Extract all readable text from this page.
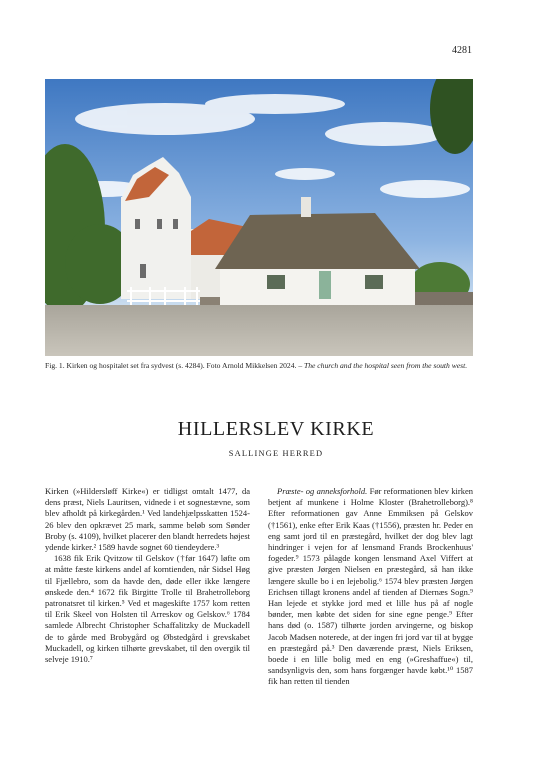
4281
Fig. 1. Kirken og hospitalet set fra sydvest (s. 4284). Foto Arnold Mikkelsen 2024. – The church and the hospital seen from the south west.
HILLERSLEV KIRKE
SALLINGE HERRED

Kirken (»Hildersløff Kirke«) er tidligst omtalt 1477, da dens præst, Niels Lauritsen, vidnede i et sognestævne, som blev afholdt på kirkegården.¹ Ved landehjælpsskatten 1524-26 blev den opkrævet 25 mark, samme beløb som Sønder Broby (s. 4109), hvilket placerer den blandt herredets højest ydende kirker.² 1589 havde sognet 60 tiendeydere.³

1638 fik Erik Qvitzow til Gelskov (†før 1647) løfte om at måtte fæste kirkens andel af korntienden, når Sidsel Høg til Fjællebro, som da havde den, døde eller ikke længere ønskede den.⁴ 1672 fik Birgitte Trolle til Brahetrolleborg patronatsret til kirken.⁵ Ved et mageskifte 1757 kom retten til Erik Skeel von Holsten til Arreskov og Gelskov.⁶ 1784 samlede Albrecht Christopher Schaffalitzky de Muckadell de to gårde med Brobygård og Øbstedgård i grevskabet Muckadell, og kirken tilhørte grevskabet, til den overgik til selveje 1910.⁷

Præste- og anneksforhold. Før reformationen blev kirken betjent af munkene i Holme Kloster (Brahetrolleborg).⁸ Efter reformationen gav Anne Emmiksen på Gelskov (†1561), enke efter Erik Kaas (†1556), præsten hr. Peder en eng samt jord til en præstegård, hvilket der dog blev lagt hindringer i vejen for af lensmand Frands Brockenhuus' fogeder.⁹ 1573 pålagde kongen lensmand Axel Viffert at give præsten Jørgen Nielsen en præstegård, så han ikke længere skulle bo i en lejebolig.⁶ 1574 blev præsten Jørgen Erichsen tillagt kronens andel af tienden af Diernæs Sogn.⁹ Han lejede et stykke jord med et lille hus på af nogle bønder, men købte det siden for sine egne penge.⁹ Efter hans død (o. 1587) tilhørte jorden arvingerne, og biskop Jacob Madsen noterede, at der ingen fri jord var til at bygge en præstegård på.³ Den daværende præst, Niels Eriksen, boede i en lille bolig med en eng (»Greshaffue«) til, sandsynligvis den, som hans forgænger havde købt.¹⁰ 1587 fik han retten til tienden
